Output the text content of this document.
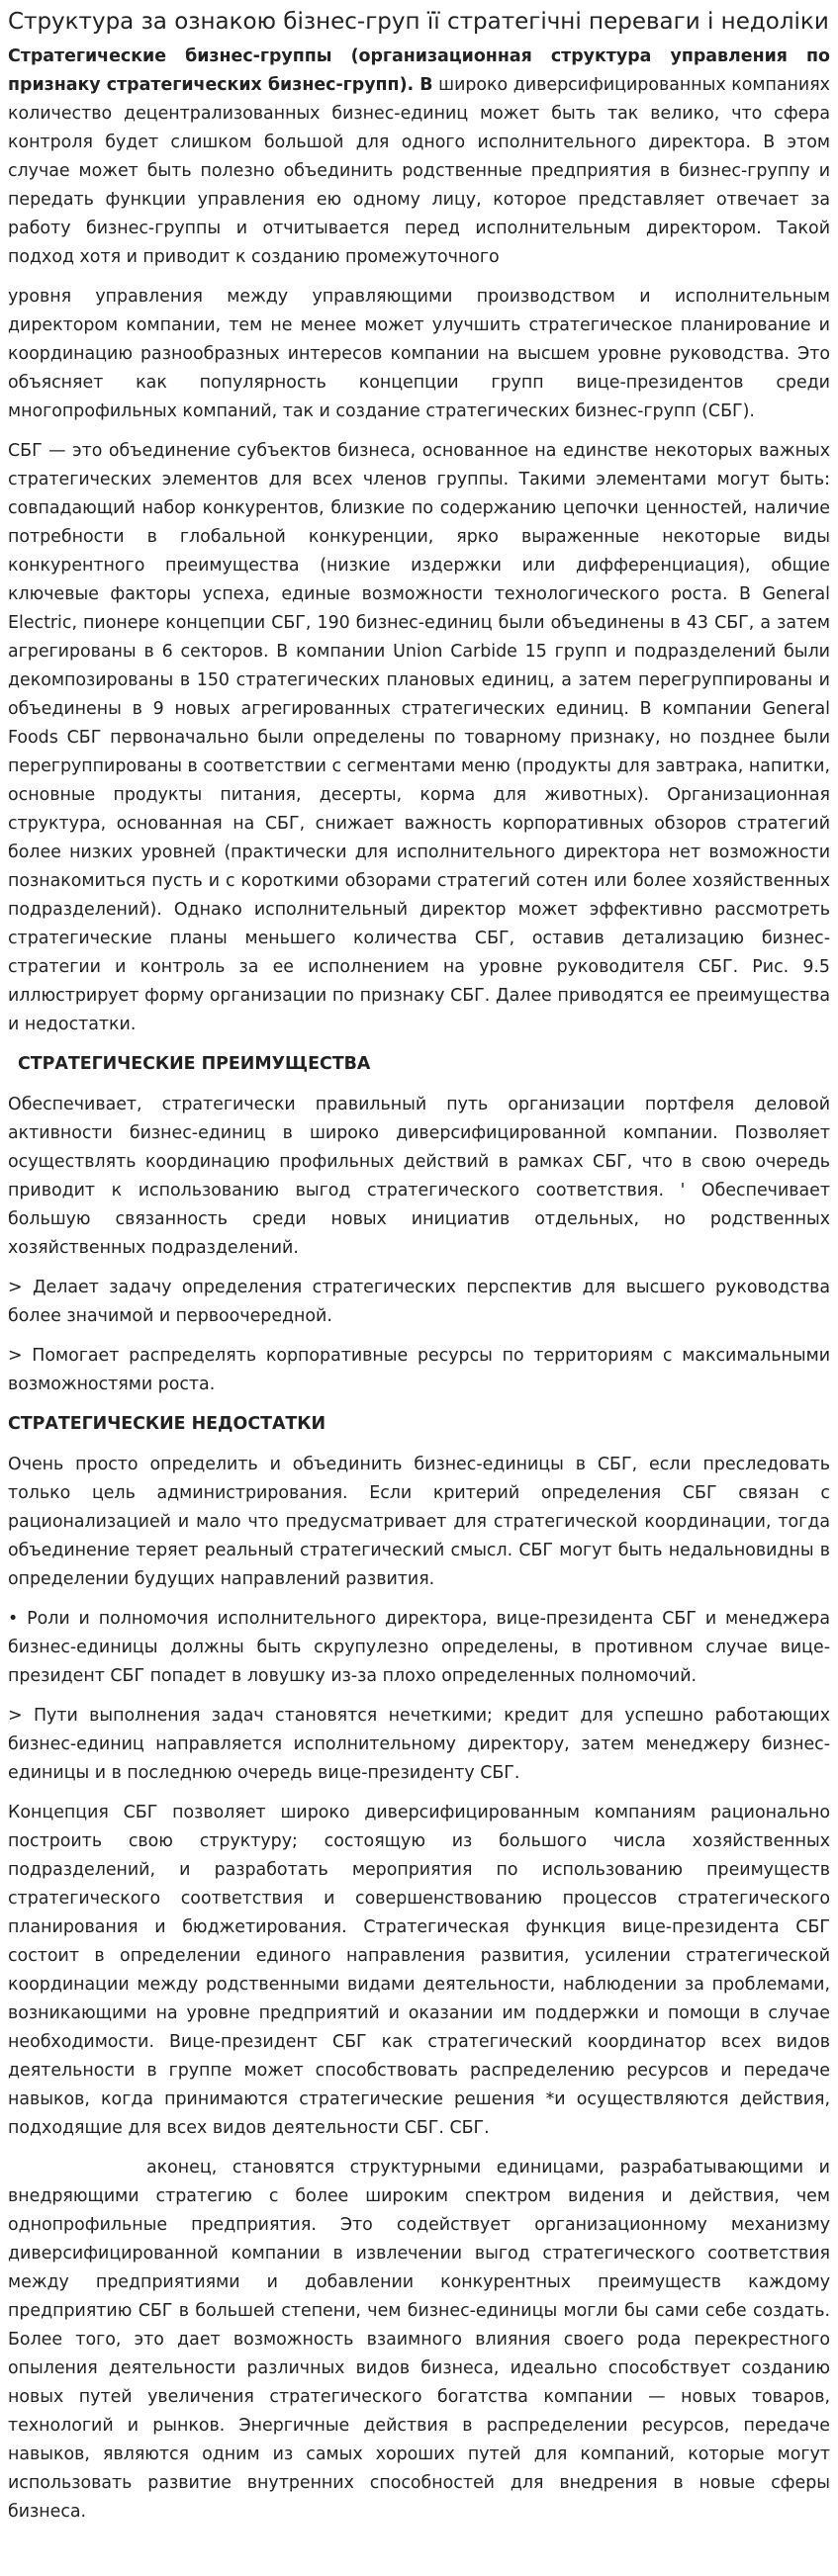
Структура за ознакою бізнес-груп її стратегічні переваги і недоліки

Стратегические бизнес-группы (организационная структура управления по признаку стратегических бизнес-групп). В широко диверсифицированных компаниях количество децентрализованных бизнес-единиц может быть так велико, что сфера контроля будет слишком большой для одного исполнительного директора. В этом случае может быть полезно объединить родственные предприятия в бизнес-группу и передать функции управления ею одному лицу, которое представляет отвечает за работу бизнес-группы и отчитывается перед исполнительным директором. Такой подход хотя и приводит к созданию промежуточного

уровня управления между управляющими производством и исполнительным директором компании, тем не менее может улучшить стратегическое планирование и координацию разнообразных интересов компании на высшем уровне руководства. Это объясняет как популярность концепции групп вице-президентов среди многопрофильных компаний, так и создание стратегических бизнес-групп (СБГ).

СБГ — это объединение субъектов бизнеса, основанное на единстве некоторых важных стратегических элементов для всех членов группы. Такими элементами могут быть: совпадающий набор конкурентов, близкие по содержанию цепочки ценностей, наличие потребности в глобальной конкуренции, ярко выраженные некоторые виды конкурентного преимущества (низкие издержки или дифференциация), общие ключевые факторы успеха, единые возможности технологического роста. В General Electric, пионере концепции СБГ, 190 бизнес-единиц были объединены в 43 СБГ, а затем агрегированы в 6 секторов. В компании Union Carbide 15 групп и подразделений были декомпозированы в 150 стратегических плановых единиц, а затем перегруппированы и объединены в 9 новых агрегированных стратегических единиц. В компании General Foods СБГ первоначально были определены по товарному признаку, но позднее были перегруппированы в соответствии с сегментами меню (продукты для завтрака, напитки, основные продукты питания, десерты, корма для животных). Организационная структура, основанная на СБГ, снижает важность корпоративных обзоров стратегий более низких уровней (практически для исполнительного директора нет возможности познакомиться пусть и с короткими обзорами стратегий сотен или более хозяйственных подразделений). Однако исполнительный директор может эффективно рассмотреть стратегические планы меньшего количества СБГ, оставив детализацию бизнес-стратегии и контроль за ее исполнением на уровне руководителя СБГ. Рис. 9.5 иллюстрирует форму организации по признаку СБГ. Далее приводятся ее преимущества и недостатки.

СТРАТЕГИЧЕСКИЕ ПРЕИМУЩЕСТВА

Обеспечивает, стратегически правильный путь организации портфеля деловой активности бизнес-единиц в широко диверсифицированной компании. Позволяет осуществлять координацию профильных действий в рамках СБГ, что в свою очередь приводит к использованию выгод стратегического соответствия. ' Обеспечивает большую связанность среди новых инициатив отдельных, но родственных хозяйственных подразделений.

> Делает задачу определения стратегических перспектив для высшего руководства более значимой и первоочередной.

> Помогает распределять корпоративные ресурсы по территориям с максимальными возможностями роста.

СТРАТЕГИЧЕСКИЕ НЕДОСТАТКИ

Очень просто определить и объединить бизнес-единицы в СБГ, если преследовать только цель администрирования. Если критерий определения СБГ связан с рационализацией и мало что предусматривает для стратегической координации, тогда объединение теряет реальный стратегический смысл. СБГ могут быть недальновидны в определении будущих направлений развития.

• Роли и полномочия исполнительного директора, вице-президента СБГ и менеджера бизнес-единицы должны быть скрупулезно определены, в противном случае вице-президент СБГ попадет в ловушку из-за плохо определенных полномочий.

> Пути выполнения задач становятся нечеткими; кредит для успешно работающих бизнес-единиц направляется исполнительному директору, затем менеджеру бизнес-единицы и в последнюю очередь вице-президенту СБГ.

Концепция СБГ позволяет широко диверсифицированным компаниям рационально построить свою структуру; состоящую из большого числа хозяйственных подразделений, и разработать мероприятия по использованию преимуществ стратегического соответствия и совершенствованию процессов стратегического планирования и бюджетирования. Стратегическая функция вице-президента СБГ состоит в определении единого направления развития, усилении стратегической координации между родственными видами деятельности, наблюдении за проблемами, возникающими на уровне предприятий и оказании им поддержки и помощи в случае необходимости. Вице-президент СБГ как стратегический координатор всех видов деятельности в группе может способствовать распределению ресурсов и передаче навыков, когда принимаются стратегические решения *и осуществляются действия, подходящие для всех видов деятельности СБГ. СБГ.

аконец, становятся структурными единицами, разрабатывающими и внедряющими стратегию с более широким спектром видения и действия, чем однопрофильные предприятия. Это содействует организационному механизму диверсифицированной компании в извлечении выгод стратегического соответствия между предприятиями и добавлении конкурентных преимуществ каждому предприятию СБГ в большей степени, чем бизнес-единицы могли бы сами себе создать. Более того, это дает возможность взаимного влияния своего рода перекрестного опыления деятельности различных видов бизнеса, идеально способствует созданию новых путей увеличения стратегического богатства компании — новых товаров, технологий и рынков. Энергичные действия в распределении ресурсов, передаче навыков, являются одним из самых хороших путей для компаний, которые могут использовать развитие внутренних способностей для внедрения в новые сферы бизнеса.
